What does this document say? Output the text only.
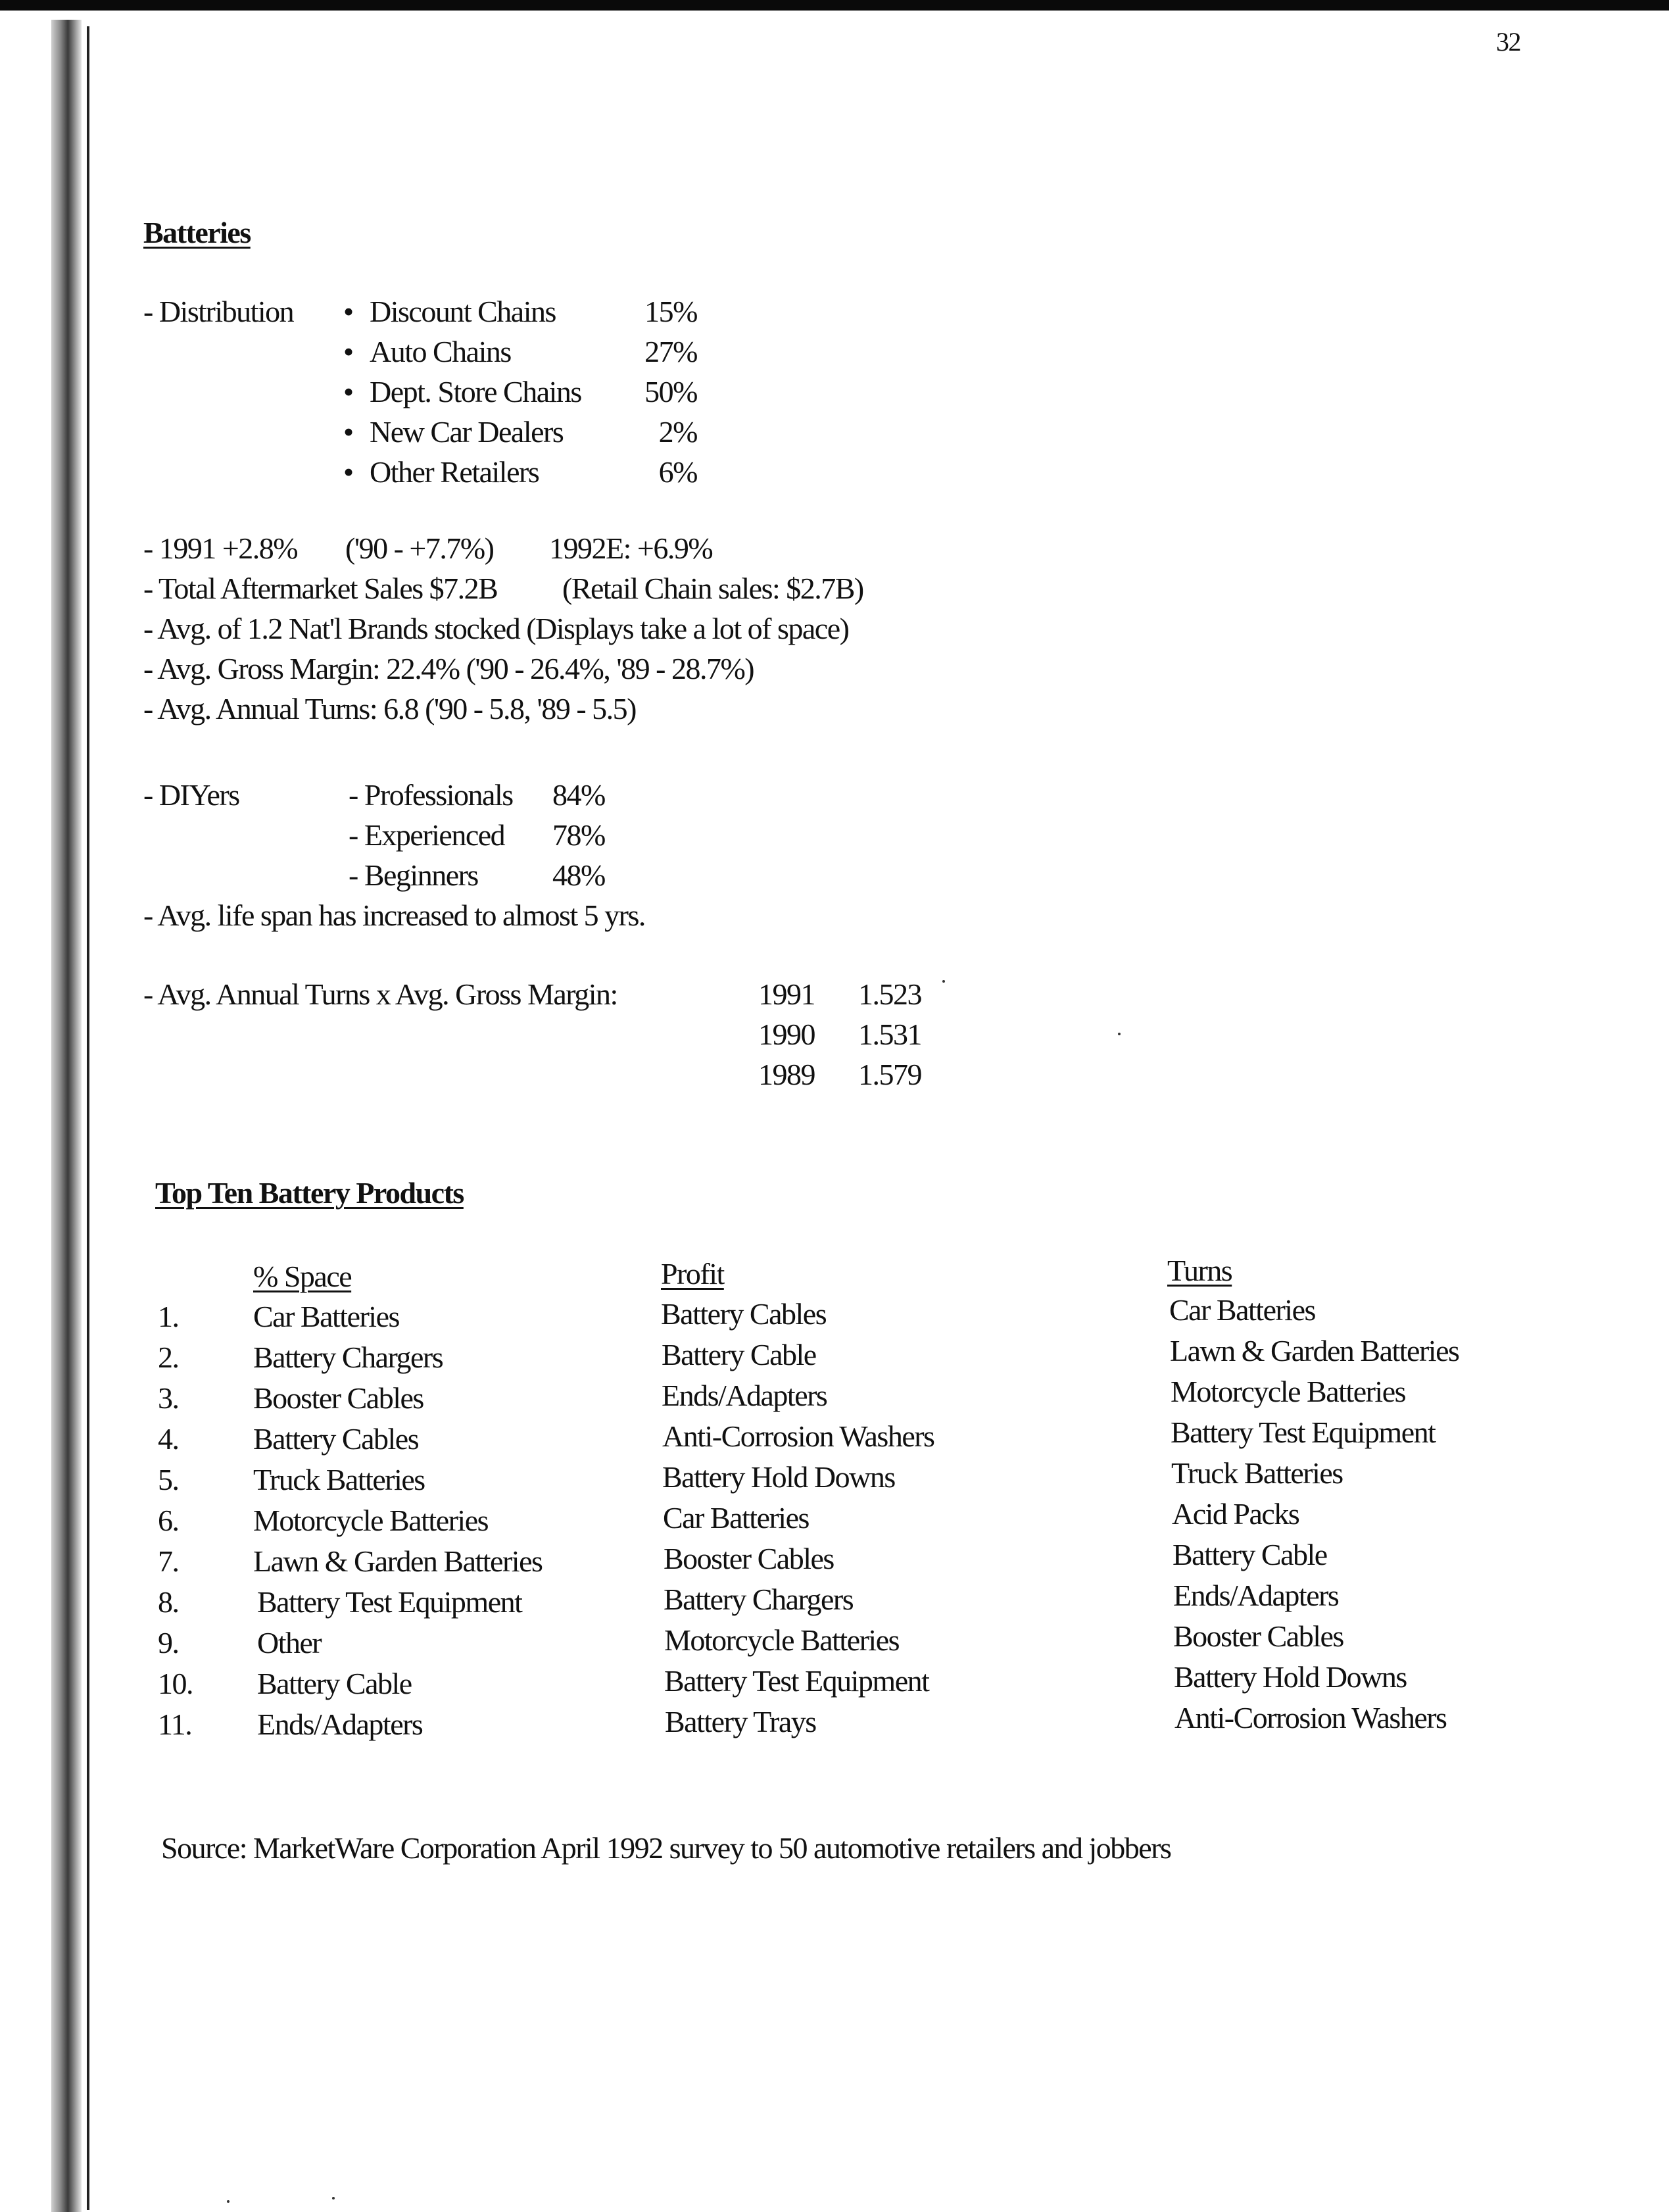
32
Batteries
- Distribution • Discount Chains	15%
• Auto Chains	27%
• Dept. Store Chains 50%
• New Car Dealers	2%
• Other Retailers	6%
- 1991 +2.8% ('90 - +7.7%) 1992E: +6.9%
- Total Aftermarket Sales $7.2B (Retail Chain sales: $2.7B)
- Avg. of 1.2 Nat'l Brands stocked (Displays take a lot of space)
- Avg. Gross Margin: 22.4% ('90 - 26.4%, '89 - 28.7%)
- Avg. Annual Turns: 6.8 ('90 - 5.8, '89 - 5.5)
- DIYers	- Professionals 84%
- Experienced 78%
- Beginners 48%
- Avg. life span has increased to almost 5 yrs.
- Avg. Annual Turns x Avg. Gross Margin:	1991 1.523
1990 1.531
1989 1.579
Top Ten Battery Products
% Space	Profit	Turns
1. Car Batteries	Battery Cables	Car Batteries
2. Battery Chargers	Battery Cable	Lawn & Garden Batteries
3. Booster Cables	Ends/Adapters	Motorcycle Batteries
4. Battery Cables	Anti-Corrosion Washers	Battery Test Equipment
5. Truck Batteries	Battery Hold Downs	Truck Batteries
6. Motorcycle Batteries	Car Batteries	Acid Packs
7. Lawn & Garden Batteries	Booster Cables	Battery Cable
8.	Battery Test Equipment	Battery Chargers	Ends/Adapters
9.	Other	Motorcycle Batteries	Booster Cables
10. Battery Cable	Battery Test Equipment	Battery Hold Downs
11. Ends/Adapters	Battery Trays	Anti-Corrosion Washers
Source: MarketWare Corporation April 1992 survey to 50 automotive retailers and jobbers
